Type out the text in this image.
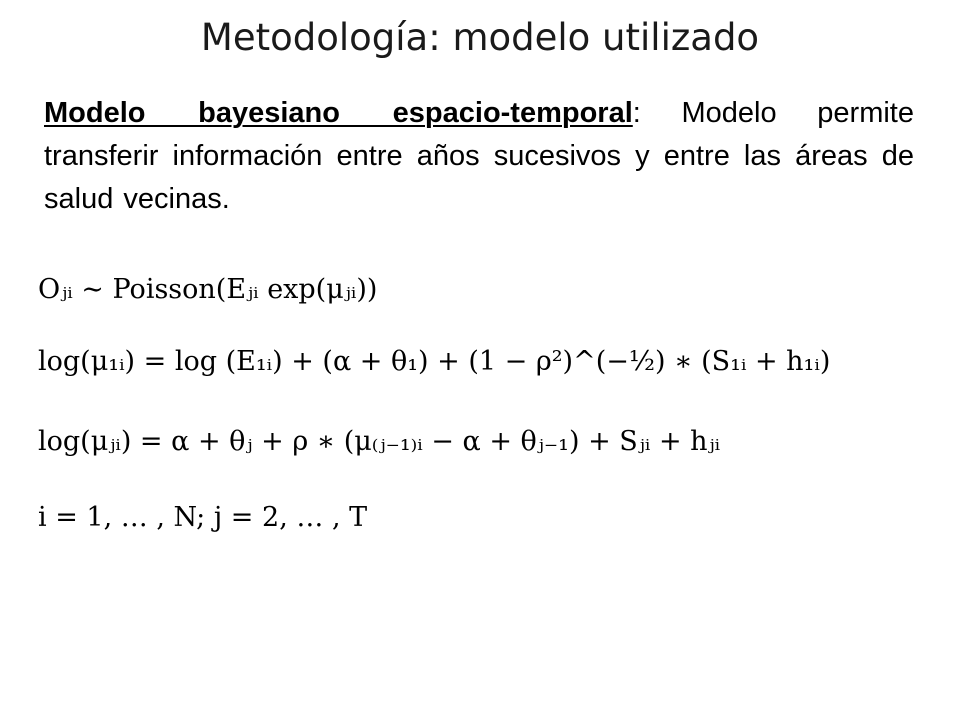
Metodología: modelo utilizado
Modelo bayesiano espacio-temporal: Modelo permite transferir información entre años sucesivos y entre las áreas de salud vecinas.
Oⱼᵢ ∼ Poisson(Eⱼᵢ exp(μⱼᵢ))
log(μ₁ᵢ) = log (E₁ᵢ) + (α + θ₁) + (1 − ρ²)^(−½) ∗ (S₁ᵢ + h₁ᵢ)
log(μⱼᵢ) = α + θⱼ + ρ ∗ (μ₍ⱼ₋₁₎ᵢ − α + θⱼ₋₁) + Sⱼᵢ + hⱼᵢ
i = 1, … , N; j = 2, … , T
